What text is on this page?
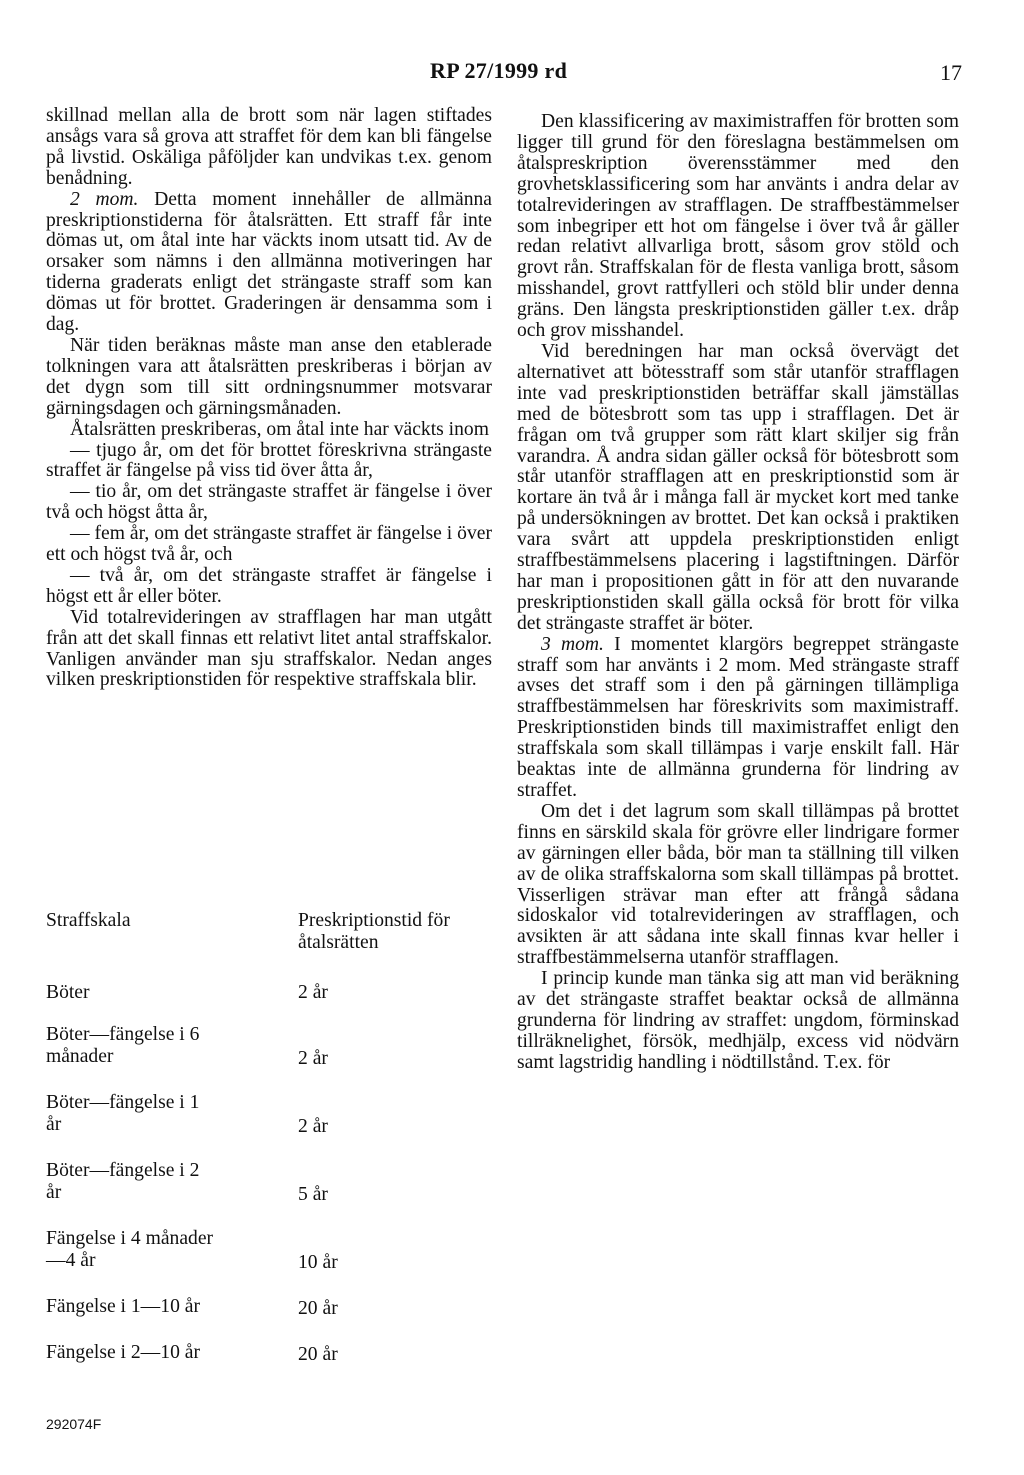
RP 27/1999 rd	17

skillnad mellan alla de brott som när lagen stiftades ansågs vara så grova att straffet för dem kan bli fängelse på livstid. Oskäliga påföljder kan undvikas t.ex. genom benådning.

2 mom. Detta moment innehåller de allmänna preskriptionstiderna för åtalsrätten. Ett straff får inte dömas ut, om åtal inte har väckts inom utsatt tid. Av de orsaker som nämns i den allmänna motiveringen har tiderna graderats enligt det strängaste straff som kan dömas ut för brottet. Graderingen är densamma som i dag.

När tiden beräknas måste man anse den etablerade tolkningen vara att åtalsrätten preskriberas i början av det dygn som till sitt ordningsnummer motsvarar gärningsdagen och gärningsmånaden.

Åtalsrätten preskriberas, om åtal inte har väckts inom

— tjugo år, om det för brottet föreskrivna strängaste straffet är fängelse på viss tid över åtta år,

— tio år, om det strängaste straffet är fängelse i över två och högst åtta år,

— fem år, om det strängaste straffet är fängelse i över ett och högst två år, och

— två år, om det strängaste straffet är fängelse i högst ett år eller böter.

Vid totalrevideringen av strafflagen har man utgått från att det skall finnas ett relativt litet antal straffskalor. Vanligen använder man sju straffskalor. Nedan anges vilken preskriptionstiden för respektive straffskala blir.

Straffskala	Preskriptionstid för åtalsrätten
Böter	2 år
Böter—fängelse i 6 månader	2 år
Böter—fängelse i 1 år	2 år
Böter—fängelse i 2 år	5 år
Fängelse i 4 månader—4 år	10 år
Fängelse i 1—10 år	20 år
Fängelse i 2—10 år	20 år

Den klassificering av maximistraffen för brotten som ligger till grund för den föreslagna bestämmelsen om åtalspreskription överensstämmer med den grovhetsklassificering som har använts i andra delar av totalrevideringen av strafflagen. De straffbestämmelser som inbegriper ett hot om fängelse i över två år gäller redan relativt allvarliga brott, såsom grov stöld och grovt rån. Straffskalan för de flesta vanliga brott, såsom misshandel, grovt rattfylleri och stöld blir under denna gräns. Den längsta preskriptionstiden gäller t.ex. dråp och grov misshandel.

Vid beredningen har man också övervägt det alternativet att bötesstraff som står utanför strafflagen inte vad preskriptionstiden beträffar skall jämställas med de bötesbrott som tas upp i strafflagen. Det är frågan om två grupper som rätt klart skiljer sig från varandra. Å andra sidan gäller också för bötesbrott som står utanför strafflagen att en preskriptionstid som är kortare än två år i många fall är mycket kort med tanke på undersökningen av brottet. Det kan också i praktiken vara svårt att uppdela preskriptionstiden enligt straffbestämmelsens placering i lagstiftningen. Därför har man i propositionen gått in för att den nuvarande preskriptionstiden skall gälla också för brott för vilka det strängaste straffet är böter.

3 mom. I momentet klargörs begreppet strängaste straff som har använts i 2 mom. Med strängaste straff avses det straff som i den på gärningen tillämpliga straffbestämmelsen har föreskrivits som maximistraff. Preskriptionstiden binds till maximistraffet enligt den straffskala som skall tillämpas i varje enskilt fall. Här beaktas inte de allmänna grunderna för lindring av straffet.

Om det i det lagrum som skall tillämpas på brottet finns en särskild skala för grövre eller lindrigare former av gärningen eller båda, bör man ta ställning till vilken av de olika straffskalorna som skall tillämpas på brottet. Visserligen strävar man efter att frångå sådana sidoskalor vid totalrevideringen av strafflagen, och avsikten är att sådana inte skall finnas kvar heller i straffbestämmelserna utanför strafflagen.

I princip kunde man tänka sig att man vid beräkning av det strängaste straffet beaktar också de allmänna grunderna för lindring av straffet: ungdom, förminskad tillräknelighet, försök, medhjälp, excess vid nödvärn samt lagstridig handling i nödtillstånd. T.ex. för

292074F
